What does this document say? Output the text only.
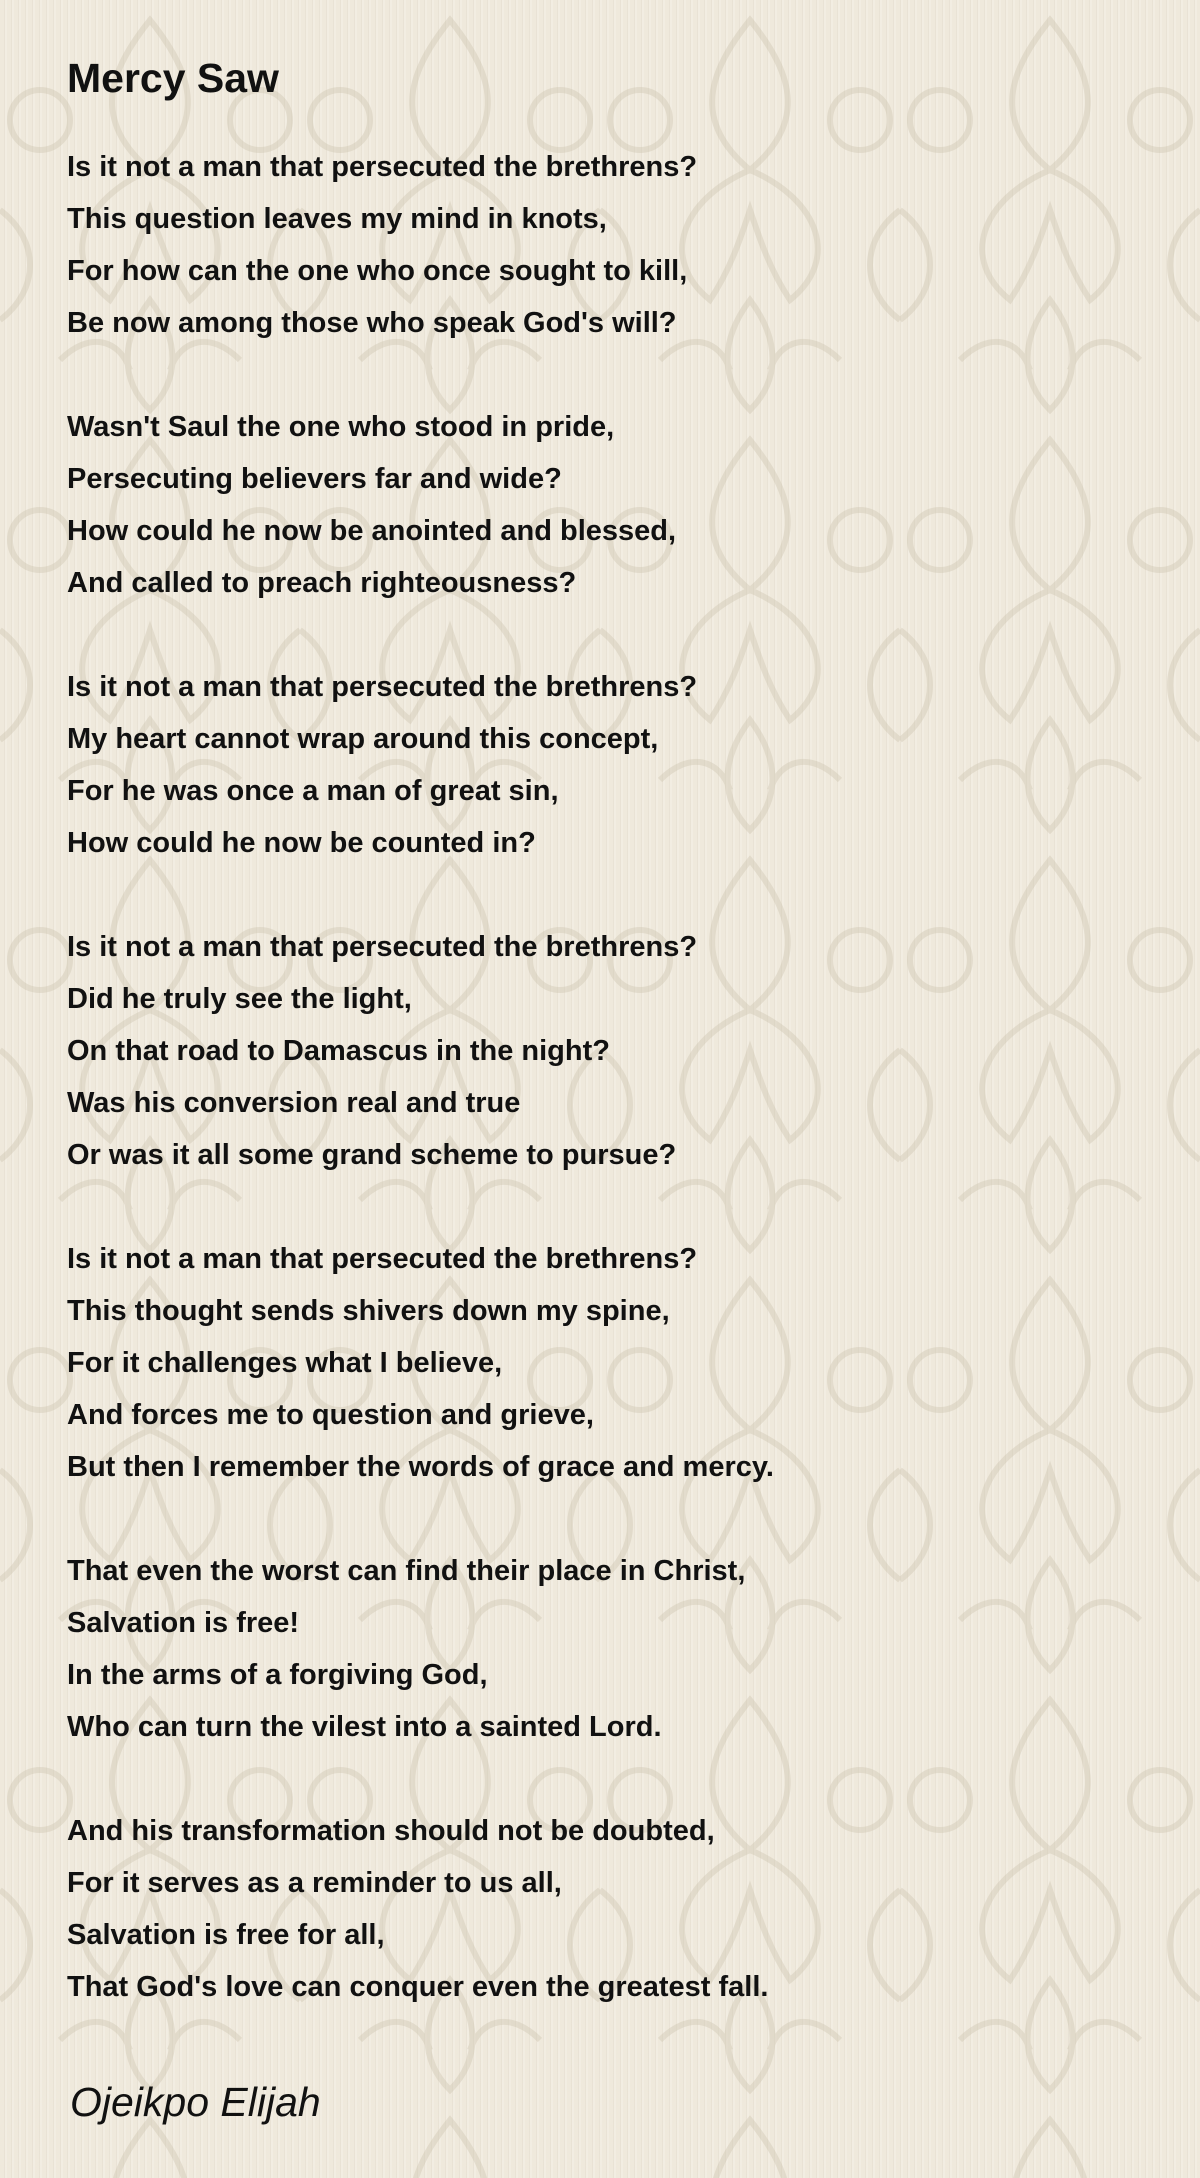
Mercy Saw
Is it not a man that persecuted the brethrens?
This question leaves my mind in knots,
For how can the one who once sought to kill,
Be now among those who speak God's will?
Wasn't Saul the one who stood in pride,
Persecuting believers far and wide?
How could he now be anointed and blessed,
And called to preach righteousness?
Is it not a man that persecuted the brethrens?
My heart cannot wrap around this concept,
For he was once a man of great sin,
How could he now be counted in?
Is it not a man that persecuted the brethrens?
Did he truly see the light,
On that road to Damascus in the night?
Was his conversion real and true
Or was it all some grand scheme to pursue?
Is it not a man that persecuted the brethrens?
This thought sends shivers down my spine,
For it challenges what I believe,
And forces me to question and grieve,
But then I remember the words of grace and mercy.
That even the worst can find their place in Christ,
Salvation is free!
In the arms of a forgiving God,
Who can turn the vilest into a sainted Lord.
And his transformation should not be doubted,
For it serves as a reminder to us all,
Salvation is free for all,
That God's love can conquer even the greatest fall.

Ojeikpo Elijah
